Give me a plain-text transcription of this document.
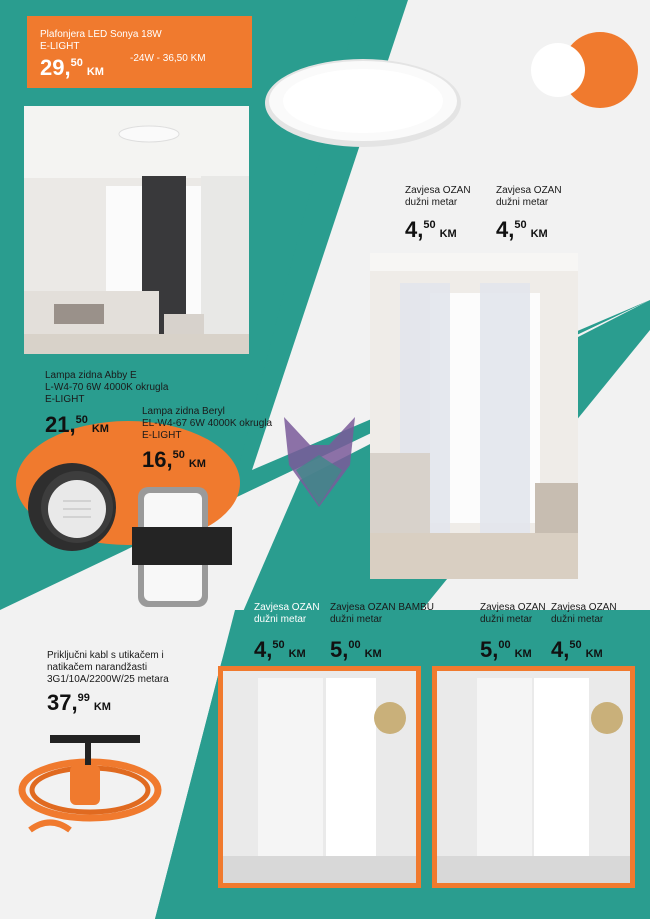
Plafonjera LED Sonya 18W
E-LIGHT
29,50KM
-24W - 36,50 KM
Lampa zidna Abby E
L-W4-70 6W 4000K okrugla
E-LIGHT
21,50KM
Lampa zidna Beryl
EL-W4-67 6W 4000K okrugla
E-LIGHT
16,50KM
Zavjesa OZAN
dužni metar
4,50KM
Zavjesa OZAN
dužni metar
4,50KM
Priključni kabl s utikačem i
natikačem narandžasti
3G1/10A/2200W/25 metara
37,99KM
Zavjesa OZAN
dužni metar
4,50KM
Zavjesa OZAN BAMBU
dužni metar
5,00KM
Zavjesa OZAN
dužni metar
5,00KM
Zavjesa OZAN
dužni metar
4,50KM
